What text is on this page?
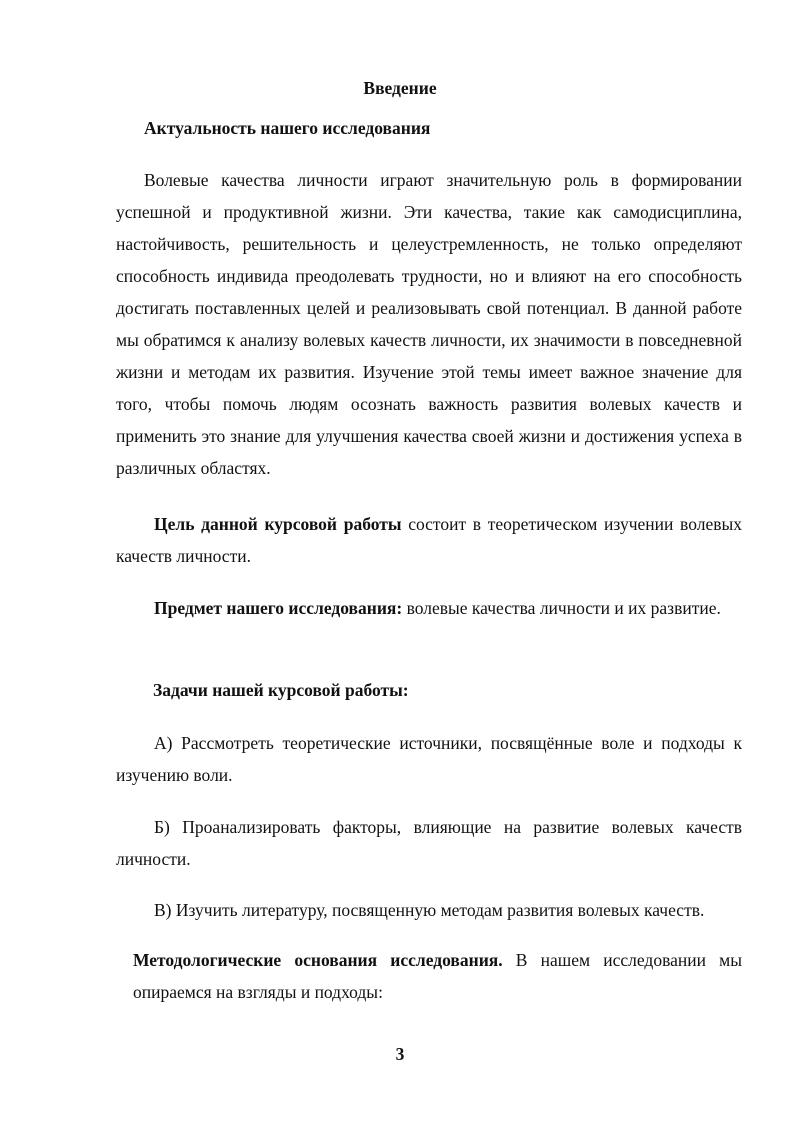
Введение
Актуальность нашего исследования

Волевые качества личности играют значительную роль в формировании успешной и продуктивной жизни. Эти качества, такие как самодисциплина, настойчивость, решительность и целеустремленность, не только определяют способность индивида преодолевать трудности, но и влияют на его способность достигать поставленных целей и реализовывать свой потенциал. В данной работе мы обратимся к анализу волевых качеств личности, их значимости в повседневной жизни и методам их развития. Изучение этой темы имеет важное значение для того, чтобы помочь людям осознать важность развития волевых качеств и применить это знание для улучшения качества своей жизни и достижения успеха в различных областях.

Цель данной курсовой работы состоит в теоретическом изучении волевых качеств личности.

Предмет нашего исследования: волевые качества личности и их развитие.

Задачи нашей курсовой работы:

А) Рассмотреть теоретические источники, посвящённые воле и подходы к изучению воли.

Б) Проанализировать факторы, влияющие на развитие волевых качеств личности.

В) Изучить литературу, посвященную методам развития волевых качеств.

Методологические основания исследования. В нашем исследовании мы опираемся на взгляды и подходы:

3
